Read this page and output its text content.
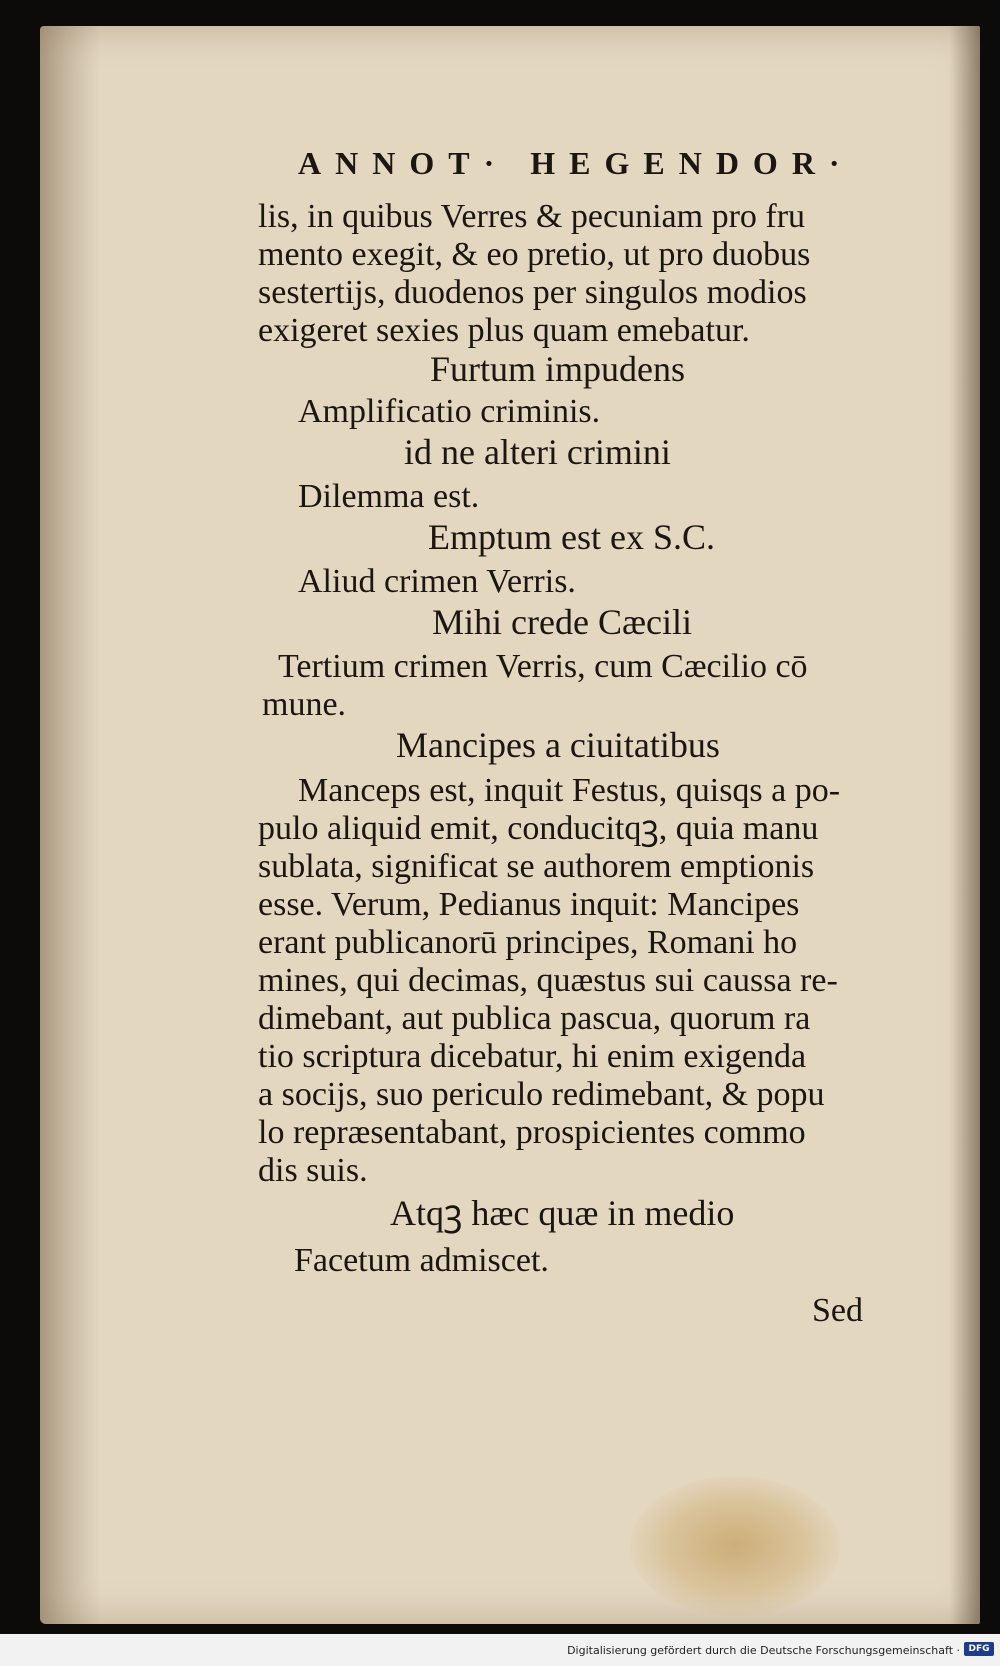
ANNOT· HEGENDOR·
lis, in quibus Verres & pecuniam pro fru
mento exegit, & eo pretio, ut pro duobus
sestertijs, duodenos per singulos modios
exigeret sexies plus quam emebatur.
Furtum impudens
Amplificatio criminis.
id ne alteri crimini
Dilemma est.
Emptum est ex S.C.
Aliud crimen Verris.
Mihi crede Cæcili
Tertium crimen Verris, cum Cæcilio cō
mune.
Mancipes a ciuitatibus
Manceps est, inquit Festus, quisqs a po-
pulo aliquid emit, conducitqꝫ, quia manu
sublata, significat se authorem emptionis
esse. Verum, Pedianus inquit: Mancipes
erant publicanorū principes, Romani ho
mines, qui decimas, quæstus sui caussa re-
dimebant, aut publica pascua, quorum ra
tio scriptura dicebatur, hi enim exigenda
a socijs, suo periculo redimebant, & popu
lo repræsentabant, prospicientes commo
dis suis.
Atqꝫ hæc quæ in medio
Facetum admiscet.
Sed
Digitalisierung gefördert durch die Deutsche Forschungsgemeinschaft · DFG
